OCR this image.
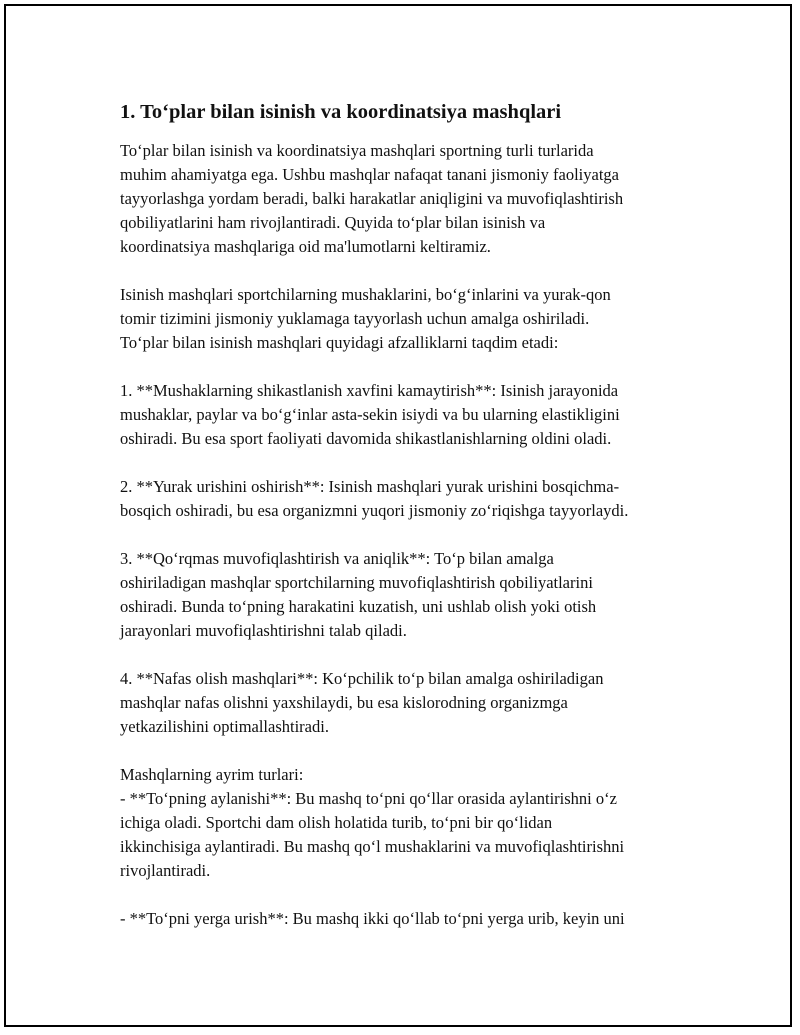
1. To‘plar bilan isinish va koordinatsiya mashqlari

To‘plar bilan isinish va koordinatsiya mashqlari sportning turli turlarida
muhim ahamiyatga ega. Ushbu mashqlar nafaqat tanani jismoniy faoliyatga
tayyorlashga yordam beradi, balki harakatlar aniqligini va muvofiqlashtirish
qobiliyatlarini ham rivojlantiradi. Quyida to‘plar bilan isinish va
koordinatsiya mashqlariga oid ma'lumotlarni keltiramiz.

Isinish mashqlari sportchilarning mushaklarini, bo‘g‘inlarini va yurak-qon
tomir tizimini jismoniy yuklamaga tayyorlash uchun amalga oshiriladi.
To‘plar bilan isinish mashqlari quyidagi afzalliklarni taqdim etadi:

1. **Mushaklarning shikastlanish xavfini kamaytirish**: Isinish jarayonida
mushaklar, paylar va bo‘g‘inlar asta-sekin isiydi va bu ularning elastikligini
oshiradi. Bu esa sport faoliyati davomida shikastlanishlarning oldini oladi.

2. **Yurak urishini oshirish**: Isinish mashqlari yurak urishini bosqichma-
bosqich oshiradi, bu esa organizmni yuqori jismoniy zo‘riqishga tayyorlaydi.

3. **Qo‘rqmas muvofiqlashtirish va aniqlik**: To‘p bilan amalga
oshiriladigan mashqlar sportchilarning muvofiqlashtirish qobiliyatlarini
oshiradi. Bunda to‘pning harakatini kuzatish, uni ushlab olish yoki otish
jarayonlari muvofiqlashtirishni talab qiladi.

4. **Nafas olish mashqlari**: Ko‘pchilik to‘p bilan amalga oshiriladigan
mashqlar nafas olishni yaxshilaydi, bu esa kislorodning organizmga
yetkazilishini optimallashtiradi.

Mashqlarning ayrim turlari:
- **To‘pning aylanishi**: Bu mashq to‘pni qo‘llar orasida aylantirishni o‘z
ichiga oladi. Sportchi dam olish holatida turib, to‘pni bir qo‘lidan
ikkinchisiga aylantiradi. Bu mashq qo‘l mushaklarini va muvofiqlashtirishni
rivojlantiradi.

- **To‘pni yerga urish**: Bu mashq ikki qo‘llab to‘pni yerga urib, keyin uni
